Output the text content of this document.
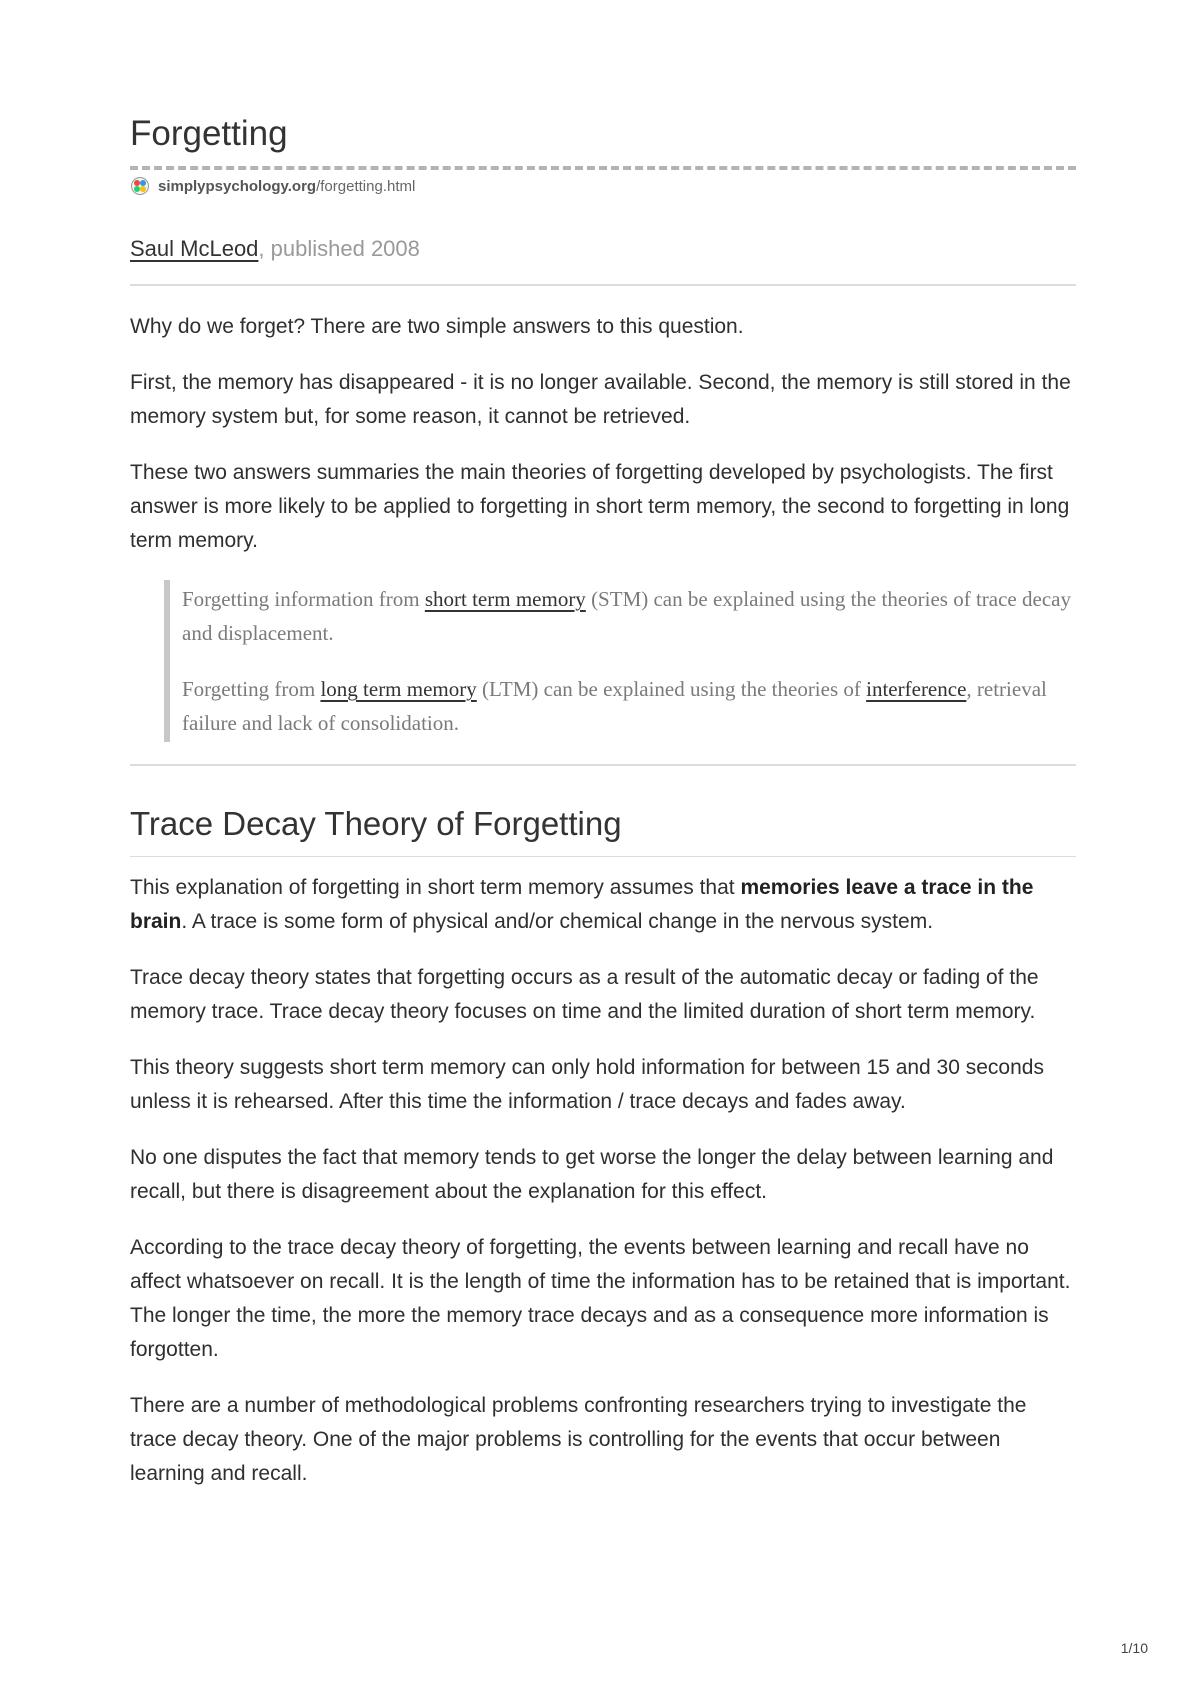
Forgetting
simplypsychology.org/forgetting.html
Saul McLeod, published 2008

Why do we forget? There are two simple answers to this question.

First, the memory has disappeared - it is no longer available. Second, the memory is still stored in the memory system but, for some reason, it cannot be retrieved.

These two answers summaries the main theories of forgetting developed by psychologists. The first answer is more likely to be applied to forgetting in short term memory, the second to forgetting in long term memory.

Forgetting information from short term memory (STM) can be explained using the theories of trace decay and displacement.

Forgetting from long term memory (LTM) can be explained using the theories of interference, retrieval failure and lack of consolidation.

Trace Decay Theory of Forgetting

This explanation of forgetting in short term memory assumes that memories leave a trace in the brain. A trace is some form of physical and/or chemical change in the nervous system.

Trace decay theory states that forgetting occurs as a result of the automatic decay or fading of the memory trace. Trace decay theory focuses on time and the limited duration of short term memory.

This theory suggests short term memory can only hold information for between 15 and 30 seconds unless it is rehearsed. After this time the information / trace decays and fades away.

No one disputes the fact that memory tends to get worse the longer the delay between learning and recall, but there is disagreement about the explanation for this effect.

According to the trace decay theory of forgetting, the events between learning and recall have no affect whatsoever on recall. It is the length of time the information has to be retained that is important. The longer the time, the more the memory trace decays and as a consequence more information is forgotten.

There are a number of methodological problems confronting researchers trying to investigate the trace decay theory. One of the major problems is controlling for the events that occur between learning and recall.

1/10
